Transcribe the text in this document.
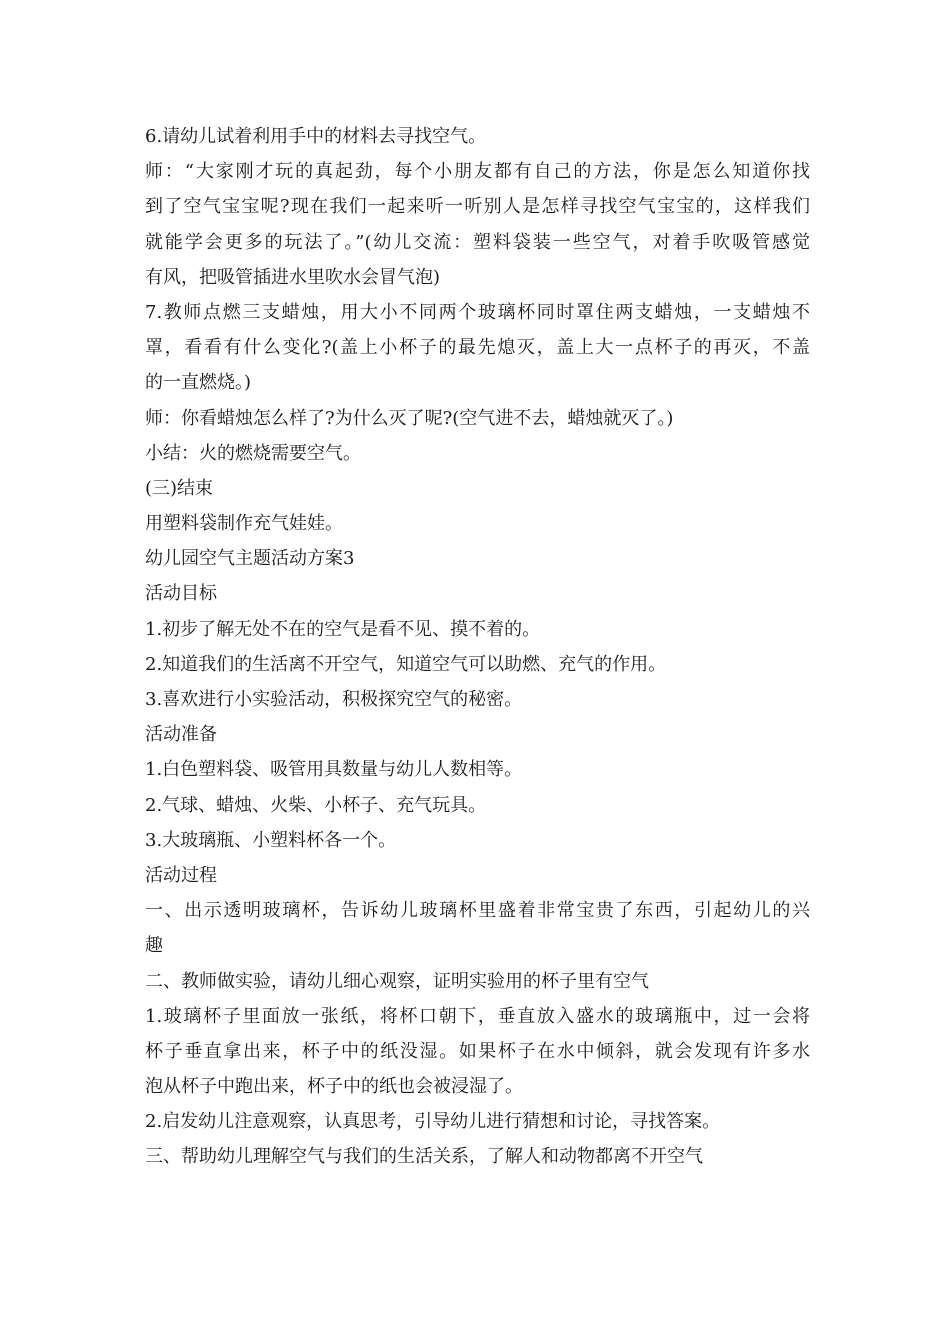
6.请幼儿试着利用手中的材料去寻找空气。
师：“大家刚才玩的真起劲，每个小朋友都有自己的方法，你是怎么知道你找
到了空气宝宝呢?现在我们一起来听一听别人是怎样寻找空气宝宝的，这样我们
就能学会更多的玩法了。”(幼儿交流：塑料袋装一些空气，对着手吹吸管感觉
有风，把吸管插进水里吹水会冒气泡)
7.教师点燃三支蜡烛，用大小不同两个玻璃杯同时罩住两支蜡烛，一支蜡烛不
罩，看看有什么变化?(盖上小杯子的最先熄灭，盖上大一点杯子的再灭，不盖
的一直燃烧。)
师：你看蜡烛怎么样了?为什么灭了呢?(空气进不去，蜡烛就灭了。)
小结：火的燃烧需要空气。
(三)结束
用塑料袋制作充气娃娃。
幼儿园空气主题活动方案3
活动目标
1.初步了解无处不在的空气是看不见、摸不着的。
2.知道我们的生活离不开空气，知道空气可以助燃、充气的作用。
3.喜欢进行小实验活动，积极探究空气的秘密。
活动准备
1.白色塑料袋、吸管用具数量与幼儿人数相等。
2.气球、蜡烛、火柴、小杯子、充气玩具。
3.大玻璃瓶、小塑料杯各一个。
活动过程
一、出示透明玻璃杯，告诉幼儿玻璃杯里盛着非常宝贵了东西，引起幼儿的兴
趣
二、教师做实验，请幼儿细心观察，证明实验用的杯子里有空气
1.玻璃杯子里面放一张纸，将杯口朝下，垂直放入盛水的玻璃瓶中，过一会将
杯子垂直拿出来，杯子中的纸没湿。如果杯子在水中倾斜，就会发现有许多水
泡从杯子中跑出来，杯子中的纸也会被浸湿了。
2.启发幼儿注意观察，认真思考，引导幼儿进行猜想和讨论，寻找答案。
三、帮助幼儿理解空气与我们的生活关系，了解人和动物都离不开空气
